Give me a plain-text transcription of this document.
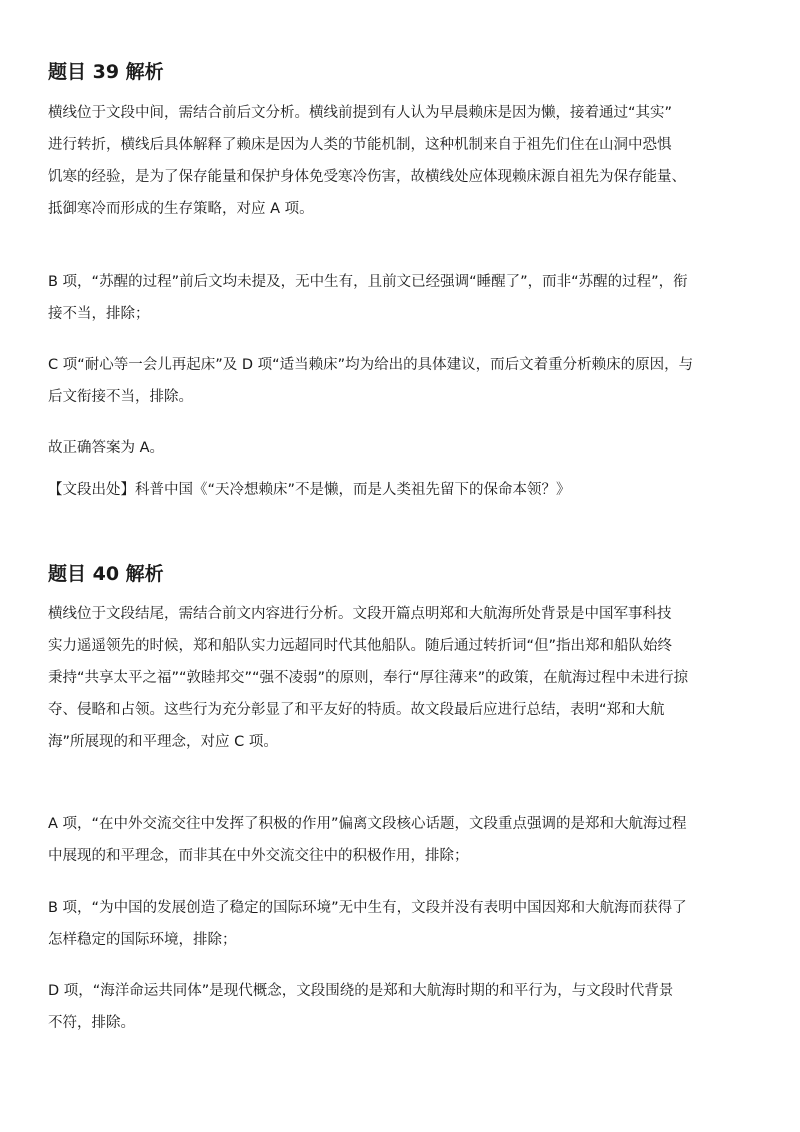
题目 39 解析

横线位于文段中间，需结合前后文分析。横线前提到有人认为早晨赖床是因为懒，接着通过“其实”
进行转折，横线后具体解释了赖床是因为人类的节能机制，这种机制来自于祖先们住在山洞中恐惧
饥寒的经验，是为了保存能量和保护身体免受寒冷伤害，故横线处应体现赖床源自祖先为保存能量、
抵御寒冷而形成的生存策略，对应 A 项。

B 项，“苏醒的过程”前后文均未提及，无中生有，且前文已经强调“睡醒了”，而非“苏醒的过程”，衔
接不当，排除；

C 项“耐心等一会儿再起床”及 D 项“适当赖床”均为给出的具体建议，而后文着重分析赖床的原因，与
后文衔接不当，排除。

故正确答案为 A。

【文段出处】科普中国《“天冷想赖床”不是懒，而是人类祖先留下的保命本领？》

题目 40 解析

横线位于文段结尾，需结合前文内容进行分析。文段开篇点明郑和大航海所处背景是中国军事科技
实力遥遥领先的时候，郑和船队实力远超同时代其他船队。随后通过转折词“但”指出郑和船队始终
秉持“共享太平之福”“敦睦邦交”“强不凌弱”的原则，奉行“厚往薄来”的政策，在航海过程中未进行掠
夺、侵略和占领。这些行为充分彰显了和平友好的特质。故文段最后应进行总结，表明“郑和大航
海”所展现的和平理念，对应 C 项。

A 项，“在中外交流交往中发挥了积极的作用”偏离文段核心话题，文段重点强调的是郑和大航海过程
中展现的和平理念，而非其在中外交流交往中的积极作用，排除；

B 项，“为中国的发展创造了稳定的国际环境”无中生有，文段并没有表明中国因郑和大航海而获得了
怎样稳定的国际环境，排除；

D 项，“海洋命运共同体”是现代概念，文段围绕的是郑和大航海时期的和平行为，与文段时代背景
不符，排除。
